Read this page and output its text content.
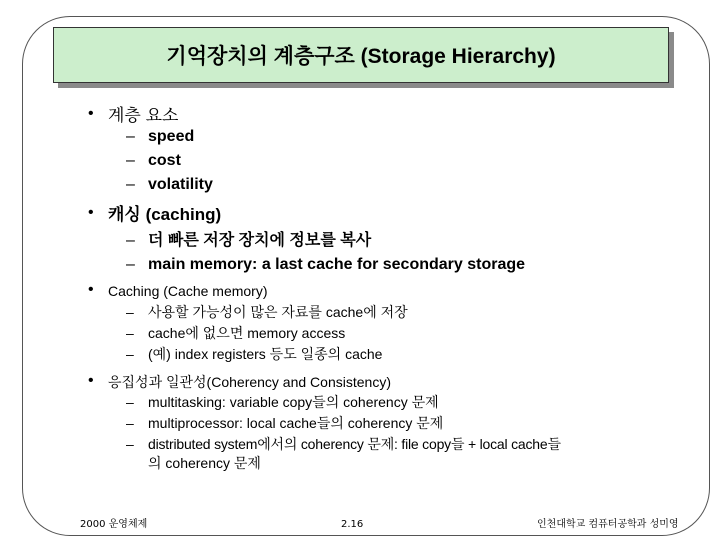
기억장치의 계층구조 (Storage Hierarchy)
• 계층 요소
– speed
– cost
– volatility
• 캐싱 (caching)
– 더 빠른 저장 장치에 정보를 복사
– main memory: a last cache for secondary storage
• Caching (Cache memory)
– 사용할 가능성이 많은 자료를 cache에 저장
– cache에 없으면 memory access
– (예) index registers 등도 일종의 cache
• 응집성과 일관성(Coherency and Consistency)
– multitasking: variable copy들의 coherency 문제
– multiprocessor: local cache들의 coherency 문제
– distributed system에서의 coherency 문제: file copy들 + local cache들
의 coherency 문제
2000 운영체제	2.16	인천대학교 컴퓨터공학과 성미영
